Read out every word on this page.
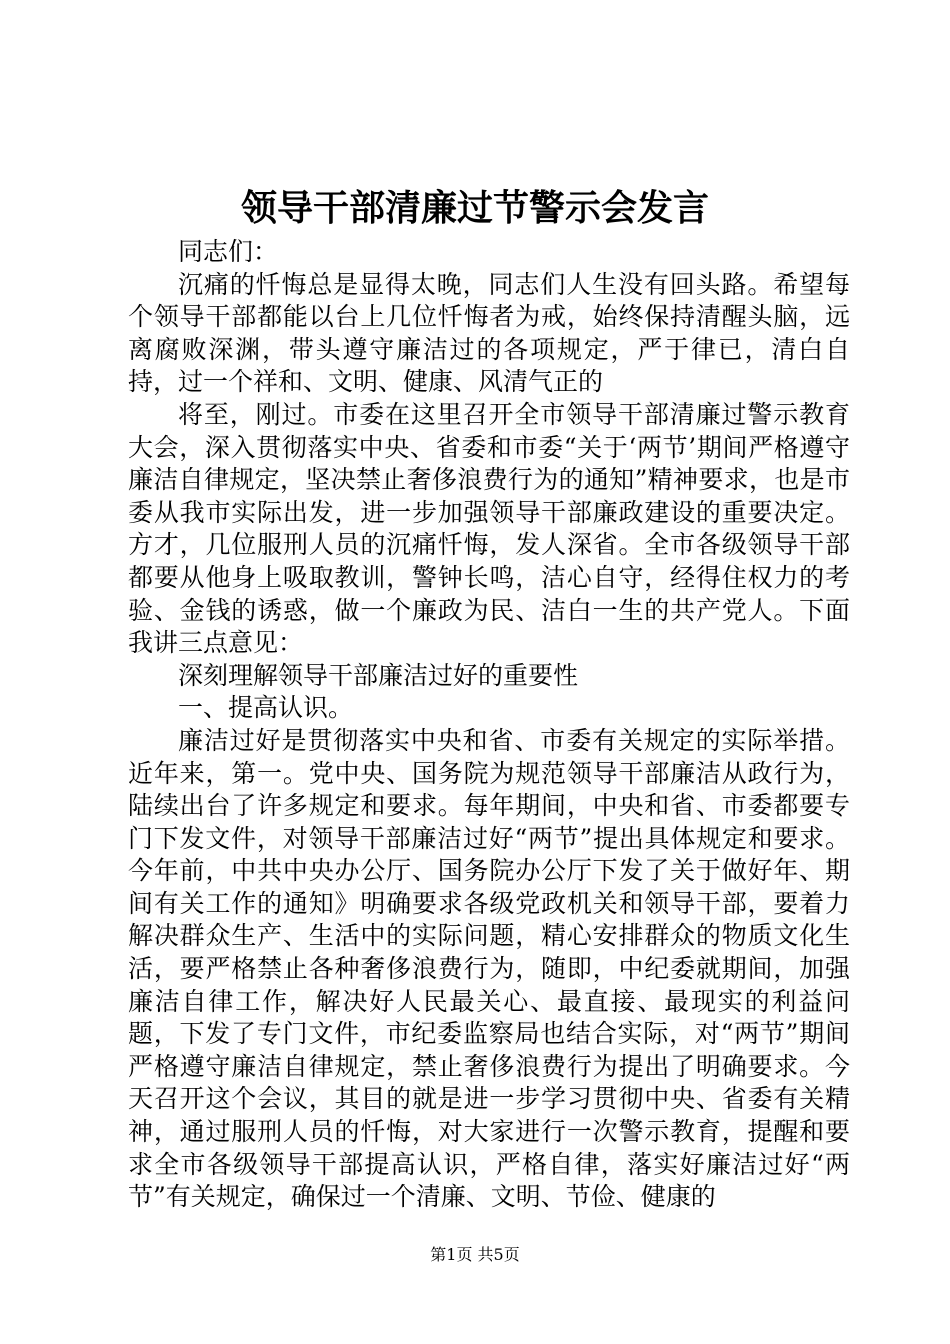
领导干部清廉过节警示会发言

同志们：

沉痛的忏悔总是显得太晚，同志们人生没有回头路。希望每个领导干部都能以台上几位忏悔者为戒，始终保持清醒头脑，远离腐败深渊，带头遵守廉洁过的各项规定，严于律已，清白自持，过一个祥和、文明、健康、风清气正的

将至，刚过。市委在这里召开全市领导干部清廉过警示教育大会，深入贯彻落实中央、省委和市委“关于‘两节’期间严格遵守廉洁自律规定，坚决禁止奢侈浪费行为的通知”精神要求，也是市委从我市实际出发，进一步加强领导干部廉政建设的重要决定。方才，几位服刑人员的沉痛忏悔，发人深省。全市各级领导干部都要从他身上吸取教训，警钟长鸣，洁心自守，经得住权力的考验、金钱的诱惑，做一个廉政为民、洁白一生的共产党人。下面我讲三点意见：

深刻理解领导干部廉洁过好的重要性

一、提高认识。

廉洁过好是贯彻落实中央和省、市委有关规定的实际举措。近年来，第一。党中央、国务院为规范领导干部廉洁从政行为，陆续出台了许多规定和要求。每年期间，中央和省、市委都要专门下发文件，对领导干部廉洁过好“两节”提出具体规定和要求。今年前，中共中央办公厅、国务院办公厅下发了关于做好年、期间有关工作的通知》明确要求各级党政机关和领导干部，要着力解决群众生产、生活中的实际问题，精心安排群众的物质文化生活，要严格禁止各种奢侈浪费行为，随即，中纪委就期间，加强廉洁自律工作，解决好人民最关心、最直接、最现实的利益问题，下发了专门文件，市纪委监察局也结合实际，对“两节”期间严格遵守廉洁自律规定，禁止奢侈浪费行为提出了明确要求。今天召开这个会议，其目的就是进一步学习贯彻中央、省委有关精神，通过服刑人员的忏悔，对大家进行一次警示教育，提醒和要求全市各级领导干部提高认识，严格自律，落实好廉洁过好“两节”有关规定，确保过一个清廉、文明、节俭、健康的

第1页 共5页
